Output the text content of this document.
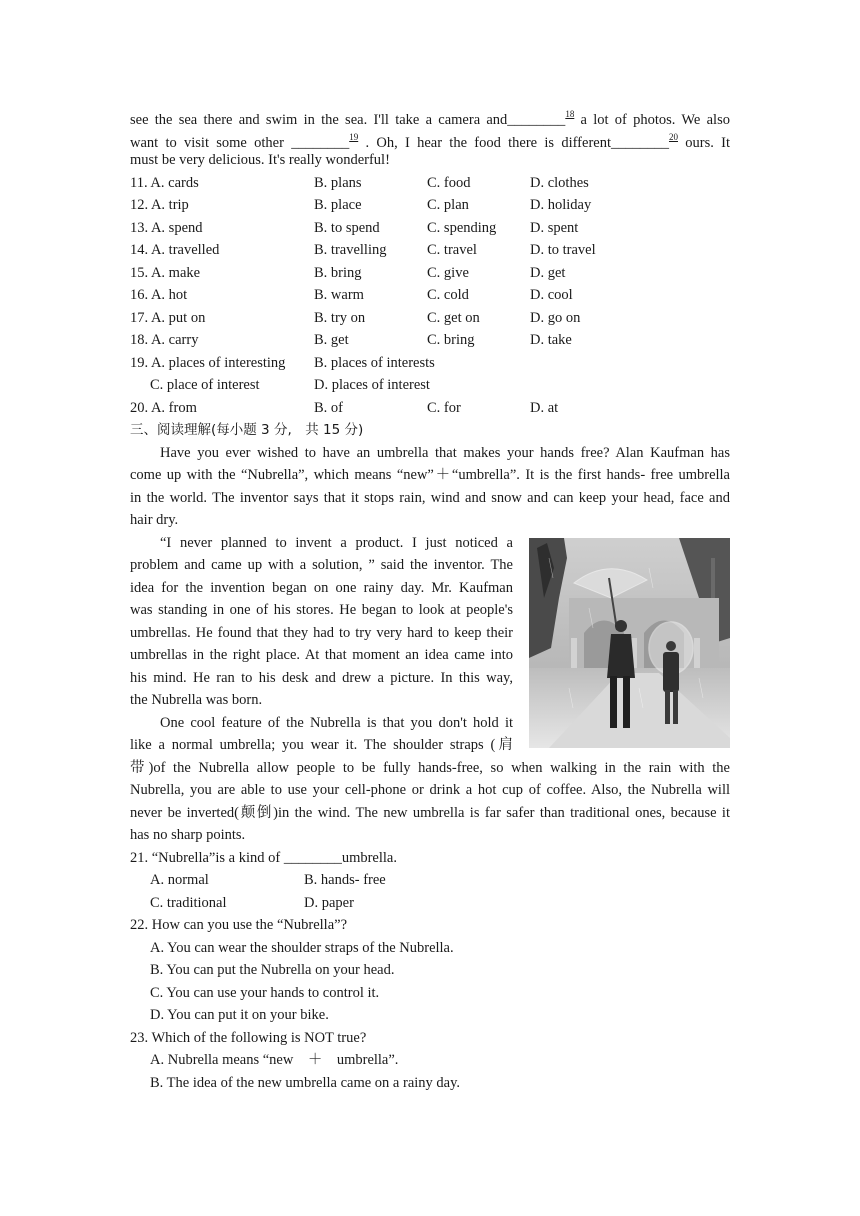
see the sea there and swim in the sea. I'll take a camera and________$^{18}$ a lot of photos. We also
want to visit some other ________$^{19}$ . Oh, I hear the food there is different________$^{20}$ ours. It
must be very delicious. It's really wonderful!
11. A. cards	B. plans	C. food	D. clothes
12. A. trip	B. place	C. plan	D. holiday
13. A. spend	B. to spend	C. spending D. spent
14. A. travelled	B. travelling	C. travel	D. to travel
15. A. make	B. bring	C. give	D. get
16. A. hot	B. warm	C. cold	D. cool
17. A. put on	B. try on	C. get on	D. go on
18. A. carry	B. get	C. bring	D. take
19. A. places of interesting B. places of interests
C. place of interest	D. places of interest
20. A. from	B. of	C. for	D. at
三、阅读理解(每小题 3 分,　共 15 分)
Have you ever wished to have an umbrella that makes your hands free? Alan Kaufman has
come up with the “Nubrella”, which means “new”＋“umbrella”. It is the first hands- free umbrella
in the world. The inventor says that it stops rain, wind and snow and can keep your head, face and
hair dry.
“I never planned to invent a product. I just noticed a
problem and came up with a solution, ” said the inventor. The
idea for the invention began on one rainy day. Mr. Kaufman
was standing in one of his stores. He began to look at people's
umbrellas. He found that they had to try very hard to keep their
umbrellas in the right place. At that moment an idea came into
his mind. He ran to his desk and drew a picture. In this way,
the Nubrella was born.
One cool feature of the Nubrella is that you don't hold it
like a normal umbrella; you wear it. The shoulder straps (肩
带)of the Nubrella allow people to be fully hands-free, so when walking in the rain with the
Nubrella, you are able to use your cell-phone or drink a hot cup of coffee. Also, the Nubrella will
never be inverted(颠倒)in the wind. The new umbrella is far safer than traditional ones, because it
has no sharp points.
21. “Nubrella”is a kind of ________umbrella.
A. normal	B. hands- free
C. traditional	D. paper
22. How can you use the “Nubrella”?
A. You can wear the shoulder straps of the Nubrella.
B. You can put the Nubrella on your head.
C. You can use your hands to control it.
D. You can put it on your bike.
23. Which of the following is NOT true?
A. Nubrella means “new　＋　umbrella”.
B. The idea of the new umbrella came on a rainy day.
